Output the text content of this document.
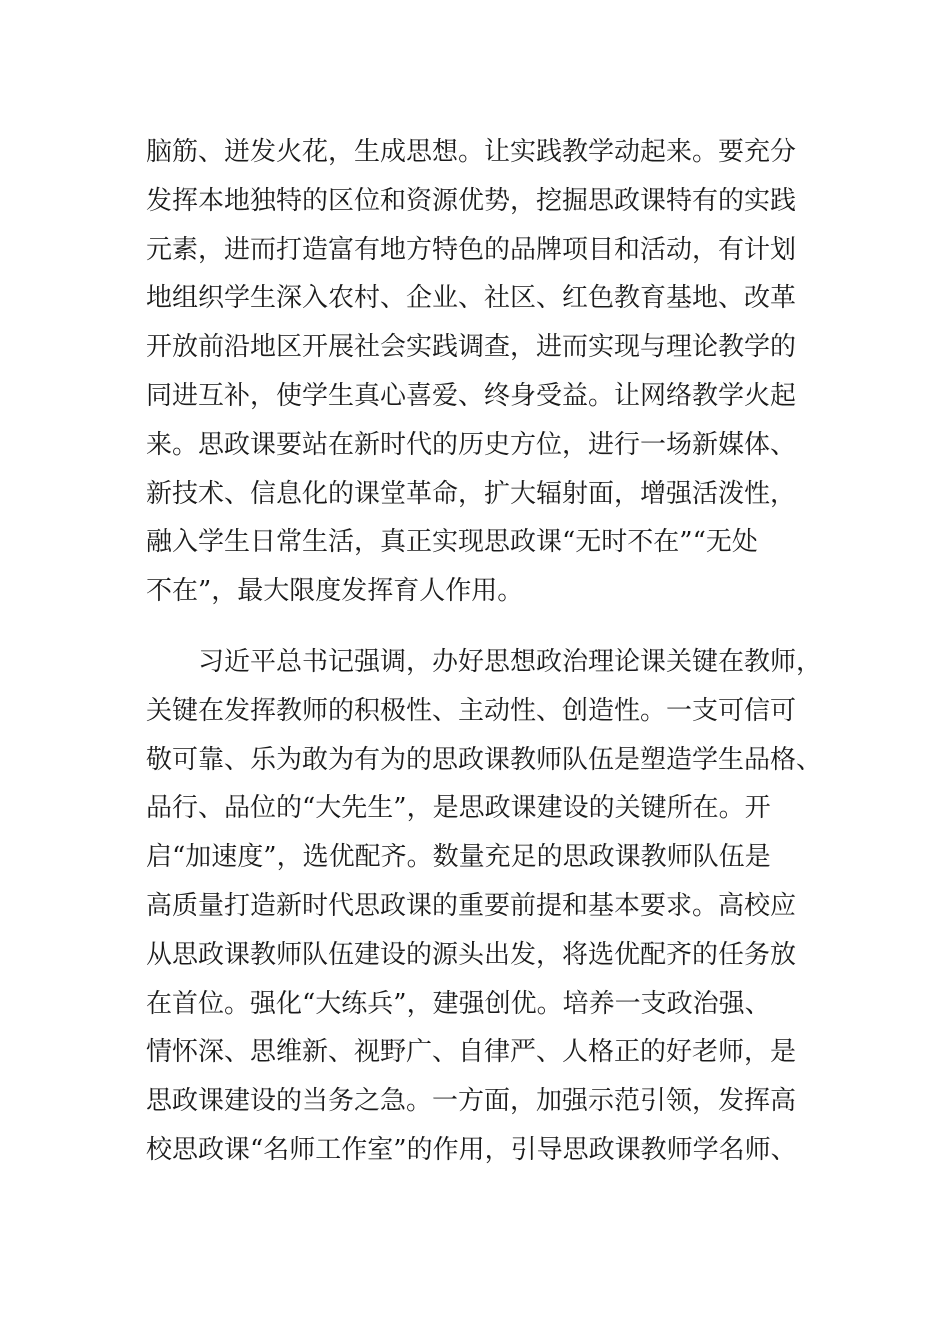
脑筋、迸发火花，生成思想。让实践教学动起来。要充分
发挥本地独特的区位和资源优势，挖掘思政课特有的实践
元素，进而打造富有地方特色的品牌项目和活动，有计划
地组织学生深入农村、企业、社区、红色教育基地、改革
开放前沿地区开展社会实践调查，进而实现与理论教学的
同进互补，使学生真心喜爱、终身受益。让网络教学火起
来。思政课要站在新时代的历史方位，进行一场新媒体、
新技术、信息化的课堂革命，扩大辐射面，增强活泼性，
融入学生日常生活，真正实现思政课“无时不在”“无处
不在”，最大限度发挥育人作用。
习近平总书记强调，办好思想政治理论课关键在教师，
关键在发挥教师的积极性、主动性、创造性。一支可信可
敬可靠、乐为敢为有为的思政课教师队伍是塑造学生品格、
品行、品位的“大先生”，是思政课建设的关键所在。开
启“加速度”，选优配齐。数量充足的思政课教师队伍是
高质量打造新时代思政课的重要前提和基本要求。高校应
从思政课教师队伍建设的源头出发，将选优配齐的任务放
在首位。强化“大练兵”，建强创优。培养一支政治强、
情怀深、思维新、视野广、自律严、人格正的好老师，是
思政课建设的当务之急。一方面，加强示范引领，发挥高
校思政课“名师工作室”的作用，引导思政课教师学名师、
